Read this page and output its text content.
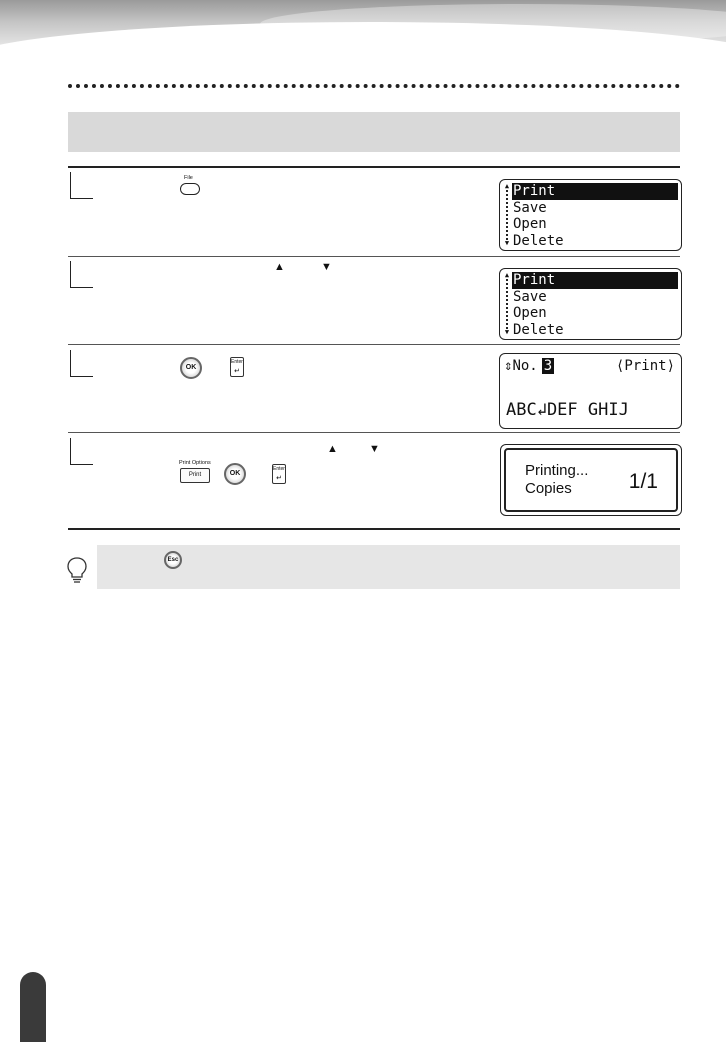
File
▲
▼
Print
Save
Open
Delete
▲	▼
▲
▼
Print
Save
Open
Delete
OK
Enter
↵	⇕No. 3	⟨Print⟩
ABC↲DEF GHIJ
▲	▼
Print Options
Print	OK
Enter
↵	Printing...
Copies	1/1
Esc
